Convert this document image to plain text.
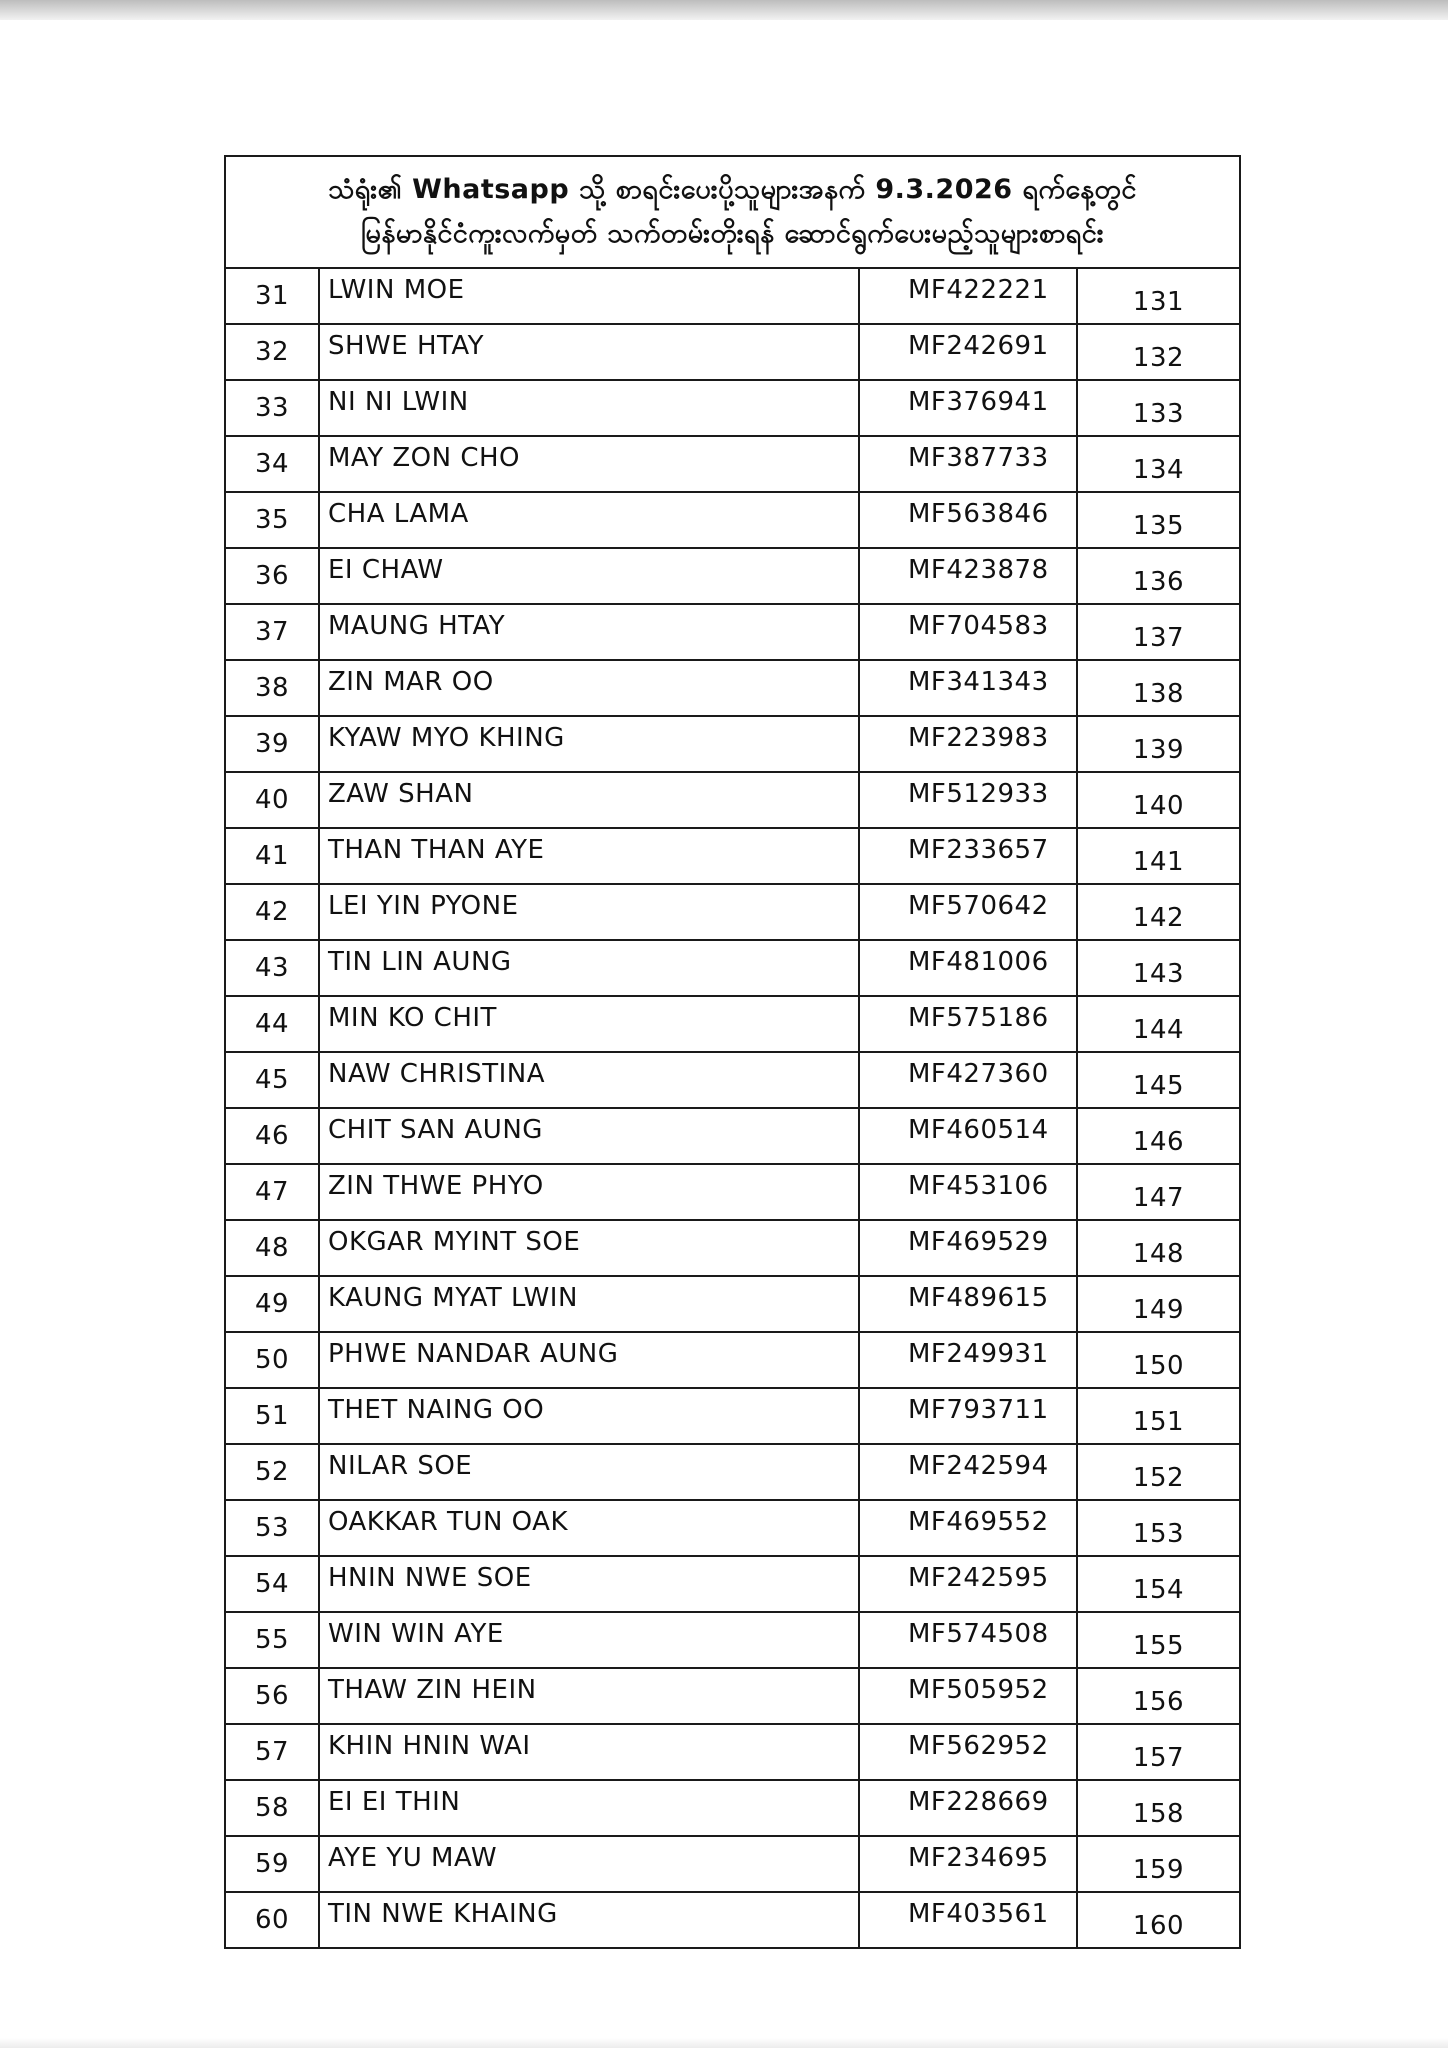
သံရုံး၏ Whatsapp သို့ စာရင်းပေးပို့သူများအနက် 9.3.2026 ရက်နေ့တွင်
မြန်မာနိုင်ငံကူးလက်မှတ် သက်တမ်းတိုးရန် ဆောင်ရွက်ပေးမည့်သူများစာရင်း			

31	LWIN MOE	MF422221	131

32	SHWE HTAY	MF242691	132

33	NI NI LWIN	MF376941	133

34	MAY ZON CHO	MF387733	134

35	CHA LAMA	MF563846	135

36	EI CHAW	MF423878	136

37	MAUNG HTAY	MF704583	137

38	ZIN MAR OO	MF341343	138

39	KYAW MYO KHING	MF223983	139

40	ZAW SHAN	MF512933	140

41	THAN THAN AYE	MF233657	141

42	LEI YIN PYONE	MF570642	142

43	TIN LIN AUNG	MF481006	143

44	MIN KO CHIT	MF575186	144

45	NAW CHRISTINA	MF427360	145

46	CHIT SAN AUNG	MF460514	146

47	ZIN THWE PHYO	MF453106	147

48	OKGAR MYINT SOE	MF469529	148

49	KAUNG MYAT LWIN	MF489615	149

50	PHWE NANDAR AUNG	MF249931	150

51	THET NAING OO	MF793711	151

52	NILAR SOE	MF242594	152

53	OAKKAR TUN OAK	MF469552	153

54	HNIN NWE SOE	MF242595	154

55	WIN WIN AYE	MF574508	155

56	THAW ZIN HEIN	MF505952	156

57	KHIN HNIN WAI	MF562952	157

58	EI EI THIN	MF228669	158

59	AYE YU MAW	MF234695	159

60	TIN NWE KHAING	MF403561	160
